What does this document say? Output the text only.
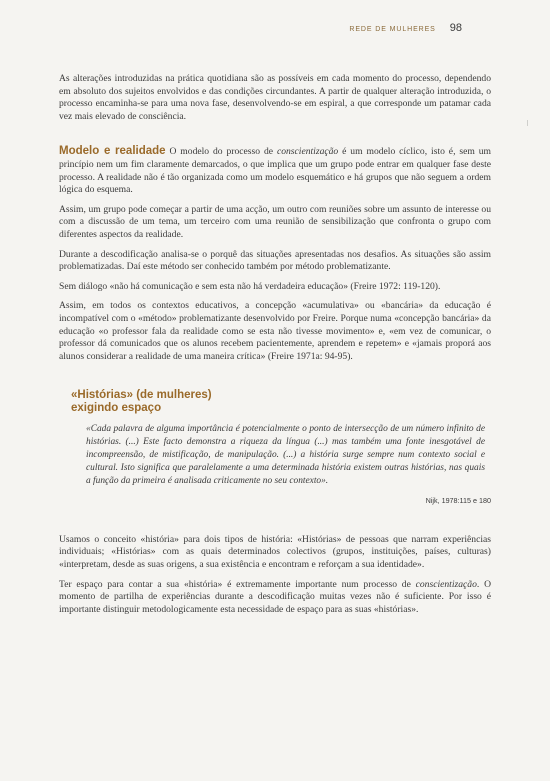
REDE DE MULHERES 98

As alterações introduzidas na prática quotidiana são as possíveis em cada momento do processo, dependendo em absoluto dos sujeitos envolvidos e das condições circundantes. A partir de qualquer alteração introduzida, o processo encaminha-se para uma nova fase, desenvolvendo-se em espiral, a que corresponde um patamar cada vez mais elevado de consciência.

Modelo e realidade O modelo do processo de conscientização é um modelo cíclico, isto é, sem um princípio nem um fim claramente demarcados, o que implica que um grupo pode entrar em qualquer fase deste processo. A realidade não é tão organizada como um modelo esquemático e há grupos que não seguem a ordem lógica do esquema.

Assim, um grupo pode começar a partir de uma acção, um outro com reuniões sobre um assunto de interesse ou com a discussão de um tema, um terceiro com uma reunião de sensibilização que confronta o grupo com diferentes aspectos da realidade.

Durante a descodificação analisa-se o porquê das situações apresentadas nos desafios. As situações são assim problematizadas. Daí este método ser conhecido também por método problematizante.

Sem diálogo «não há comunicação e sem esta não há verdadeira educação» (Freire 1972: 119-120).

Assim, em todos os contextos educativos, a concepção «acumulativa» ou «bancária» da educação é incompatível com o «método» problematizante desenvolvido por Freire. Porque numa «concepção bancária» da educação «o professor fala da realidade como se esta não tivesse movimento» e, «em vez de comunicar, o professor dá comunicados que os alunos recebem pacientemente, aprendem e repetem» e «jamais proporá aos alunos considerar a realidade de uma maneira crítica» (Freire 1971a: 94-95).

«Histórias» (de mulheres)
exigindo espaço

«Cada palavra de alguma importância é potencialmente o ponto de intersecção de um número infinito de histórias. (...) Este facto demonstra a riqueza da língua (...) mas também uma fonte inesgotável de incompreensão, de mistificação, de manipulação. (...) a história surge sempre num contexto social e cultural. Isto significa que paralelamente a uma determinada história existem outras histórias, nas quais a função da primeira é analisada criticamente no seu contexto».

Nijk, 1978:115 e 180

Usamos o conceito «história» para dois tipos de história: «Histórias» de pessoas que narram experiências individuais; «Histórias» com as quais determinados colectivos (grupos, instituições, países, culturas) «interpretam, desde as suas origens, a sua existência e encontram e reforçam a sua identidade».

Ter espaço para contar a sua «história» é extremamente importante num processo de conscientização. O momento de partilha de experiências durante a descodificação muitas vezes não é suficiente. Por isso é importante distinguir metodologicamente esta necessidade de espaço para as suas «histórias».
